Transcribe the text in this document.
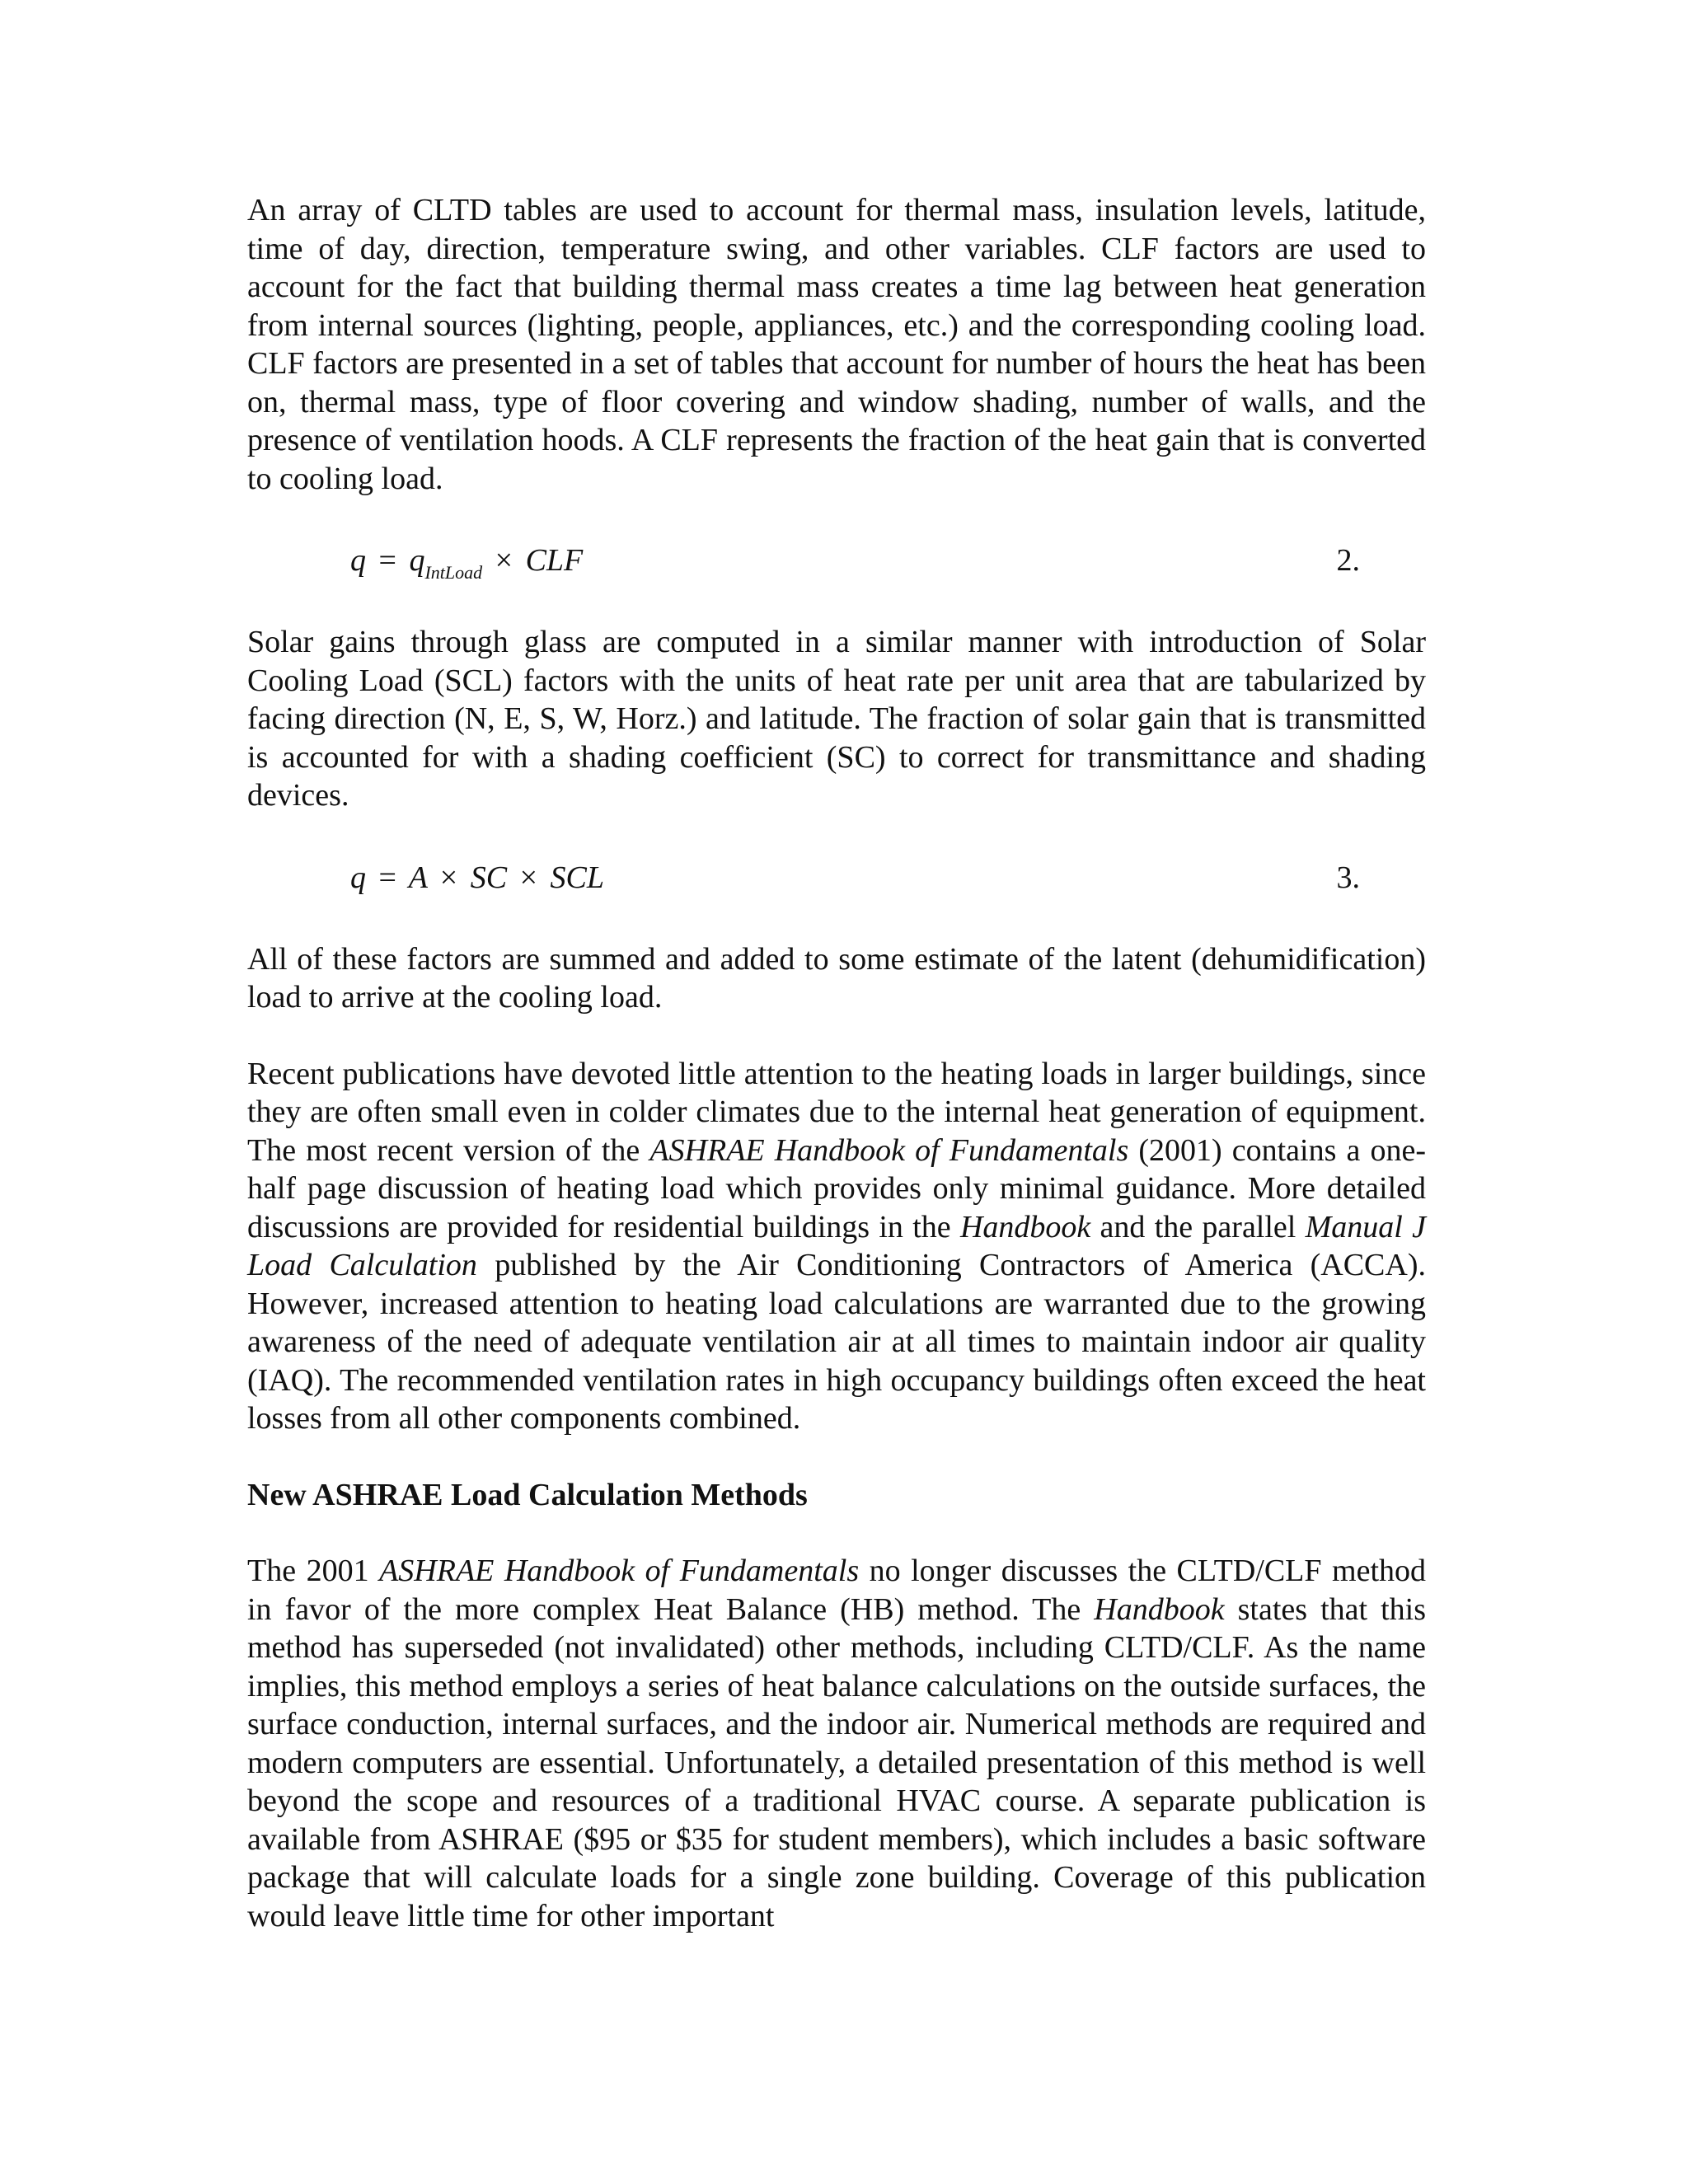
An array of CLTD tables are used to account for thermal mass, insulation levels, latitude, time of day, direction, temperature swing, and other variables. CLF factors are used to account for the fact that building thermal mass creates a time lag between heat generation from internal sources (lighting, people, appliances, etc.) and the corresponding cooling load. CLF factors are presented in a set of tables that account for number of hours the heat has been on, thermal mass, type of floor covering and window shading, number of walls, and the presence of ventilation hoods. A CLF represents the fraction of the heat gain that is converted to cooling load.

$q = q_{IntLoad}$ × CLF	2.

Solar gains through glass are computed in a similar manner with introduction of Solar Cooling Load (SCL) factors with the units of heat rate per unit area that are tabularized by facing direction (N, E, S, W, Horz.) and latitude. The fraction of solar gain that is transmitted is accounted for with a shading coefficient (SC) to correct for transmittance and shading devices.

q = A × SC × SCL	3.

All of these factors are summed and added to some estimate of the latent (dehumidification) load to arrive at the cooling load.

Recent publications have devoted little attention to the heating loads in larger buildings, since they are often small even in colder climates due to the internal heat generation of equipment. The most recent version of the ASHRAE Handbook of Fundamentals (2001) contains a one-half page discussion of heating load which provides only minimal guidance. More detailed discussions are provided for residential buildings in the Handbook and the parallel Manual J Load Calculation published by the Air Conditioning Contractors of America (ACCA). However, increased attention to heating load calculations are warranted due to the growing awareness of the need of adequate ventilation air at all times to maintain indoor air quality (IAQ). The recommended ventilation rates in high occupancy buildings often exceed the heat losses from all other components combined.

New ASHRAE Load Calculation Methods

The 2001 ASHRAE Handbook of Fundamentals no longer discusses the CLTD/CLF method in favor of the more complex Heat Balance (HB) method. The Handbook states that this method has superseded (not invalidated) other methods, including CLTD/CLF. As the name implies, this method employs a series of heat balance calculations on the outside surfaces, the surface conduction, internal surfaces, and the indoor air. Numerical methods are required and modern computers are essential. Unfortunately, a detailed presentation of this method is well beyond the scope and resources of a traditional HVAC course. A separate publication is available from ASHRAE ($95 or $35 for student members), which includes a basic software package that will calculate loads for a single zone building. Coverage of this publication would leave little time for other important
